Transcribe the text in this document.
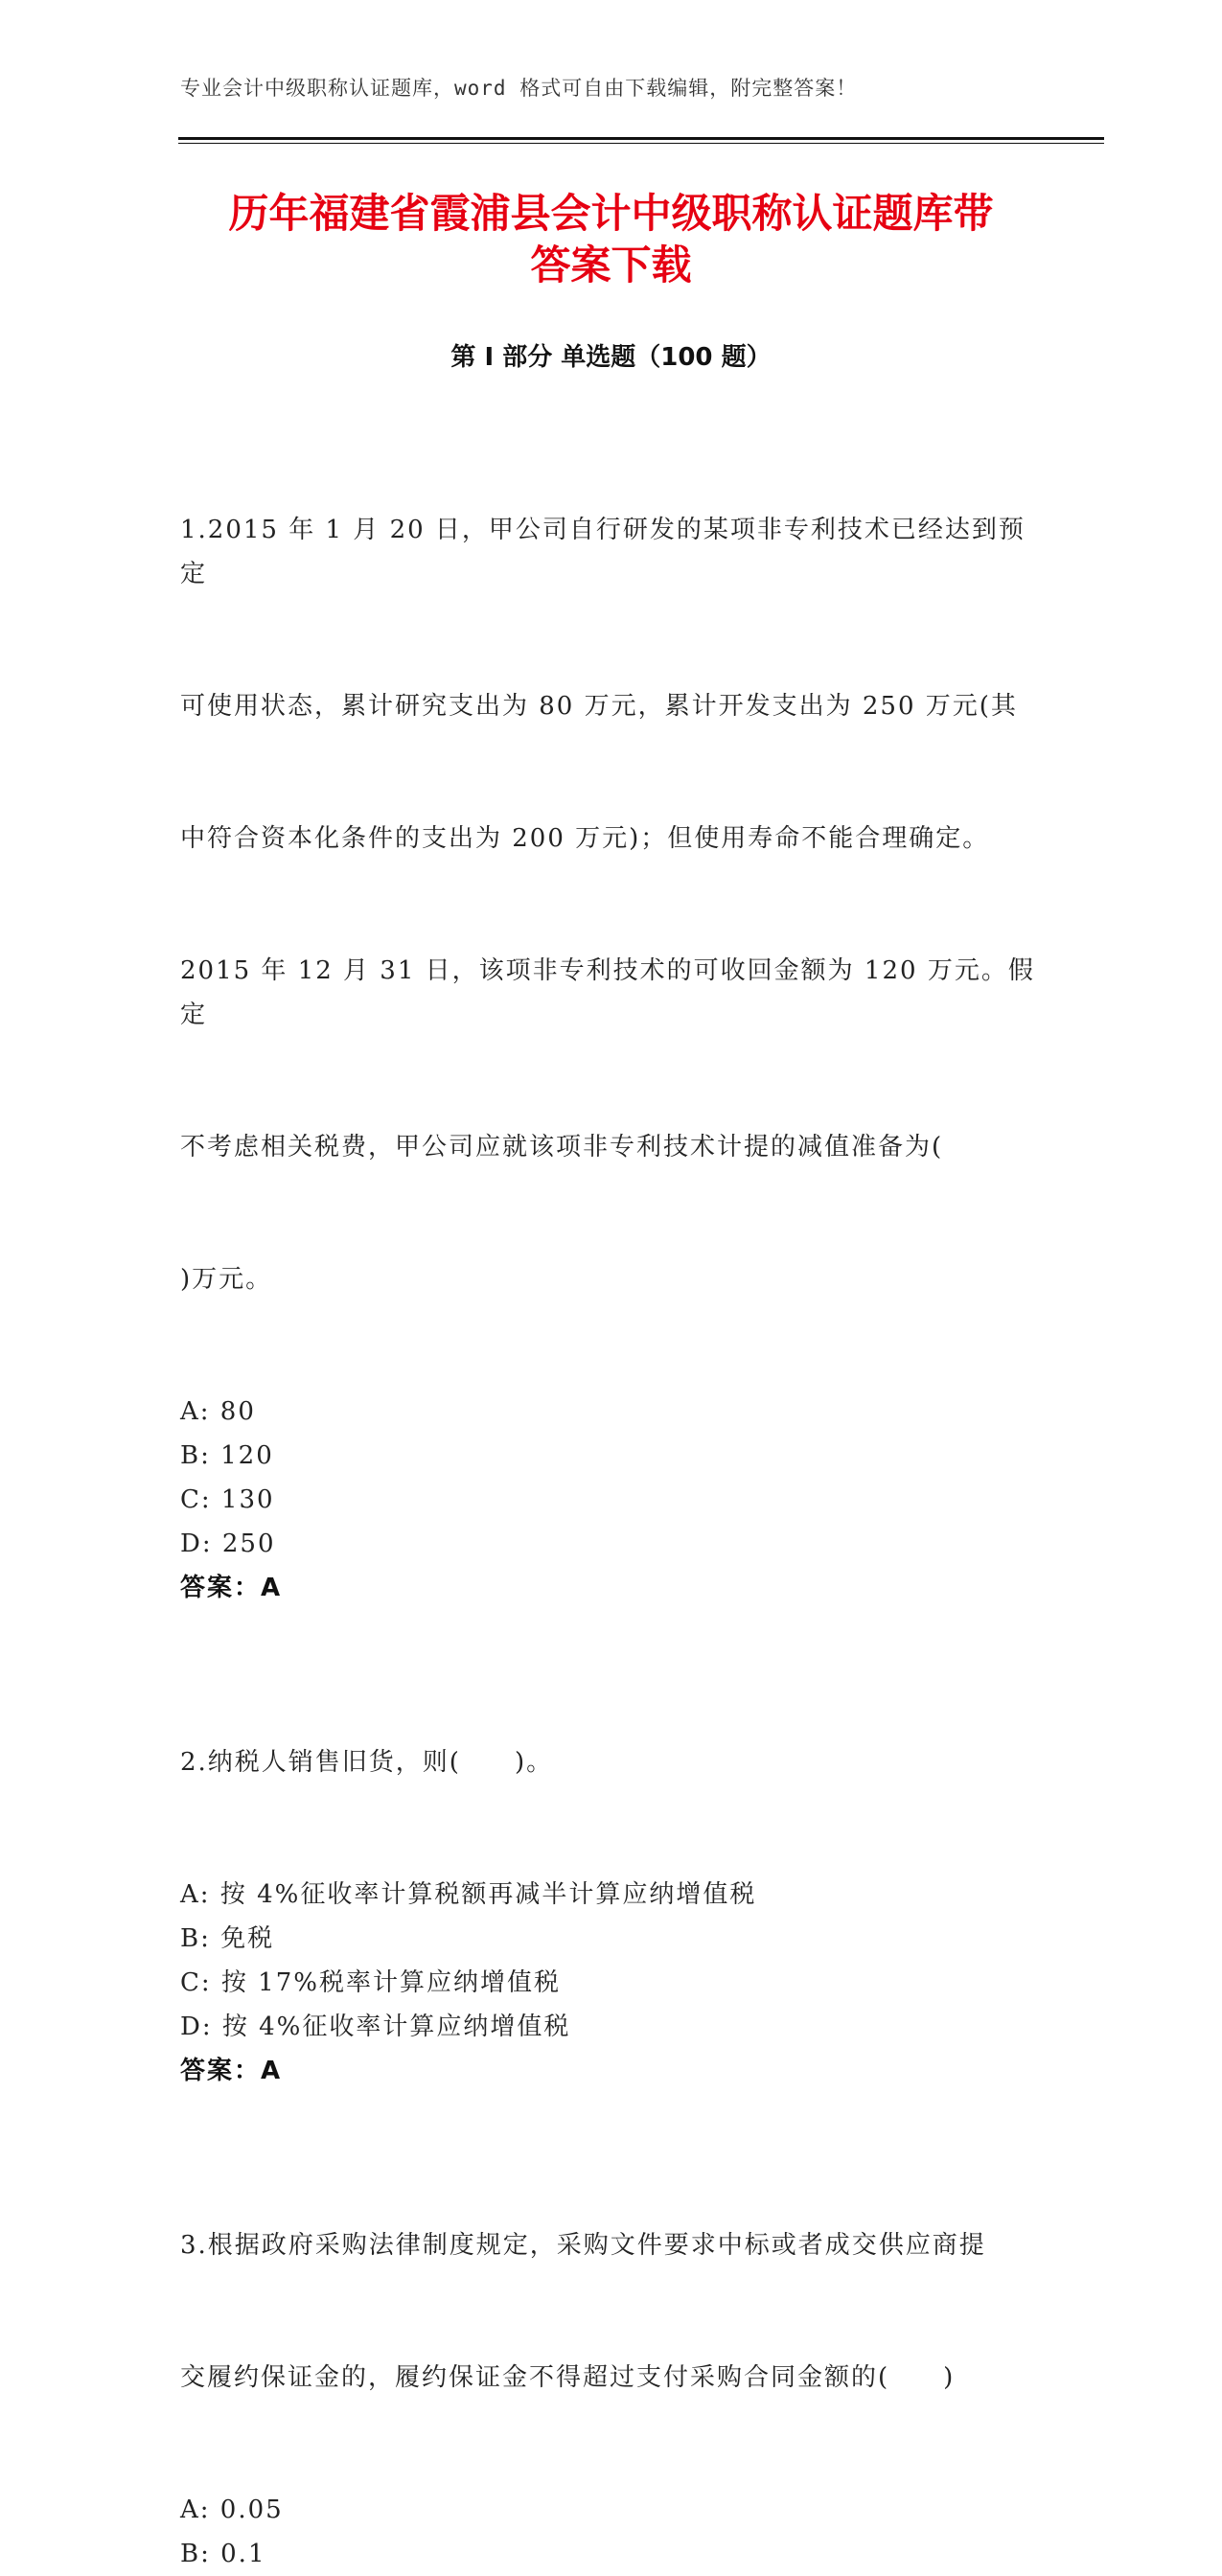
专业会计中级职称认证题库，word 格式可自由下载编辑，附完整答案！
历年福建省霞浦县会计中级职称认证题库带
答案下载
第 I 部分 单选题（100 题）

1.2015 年 1 月 20 日，甲公司自行研发的某项非专利技术已经达到预定

可使用状态，累计研究支出为 80 万元，累计开发支出为 250 万元(其

中符合资本化条件的支出为 200 万元)；但使用寿命不能合理确定。

2015 年 12 月 31 日，该项非专利技术的可收回金额为 120 万元。假定

不考虑相关税费，甲公司应就该项非专利技术计提的减值准备为(

)万元。

A: 80
B: 120
C: 130
D: 250
答案：A

2.纳税人销售旧货，则(　　)。

A: 按 4%征收率计算税额再减半计算应纳增值税
B: 免税
C: 按 17%税率计算应纳增值税
D: 按 4%征收率计算应纳增值税
答案：A

3.根据政府采购法律制度规定，采购文件要求中标或者成交供应商提

交履约保证金的，履约保证金不得超过支付采购合同金额的(　　)

A: 0.05
B: 0.1
